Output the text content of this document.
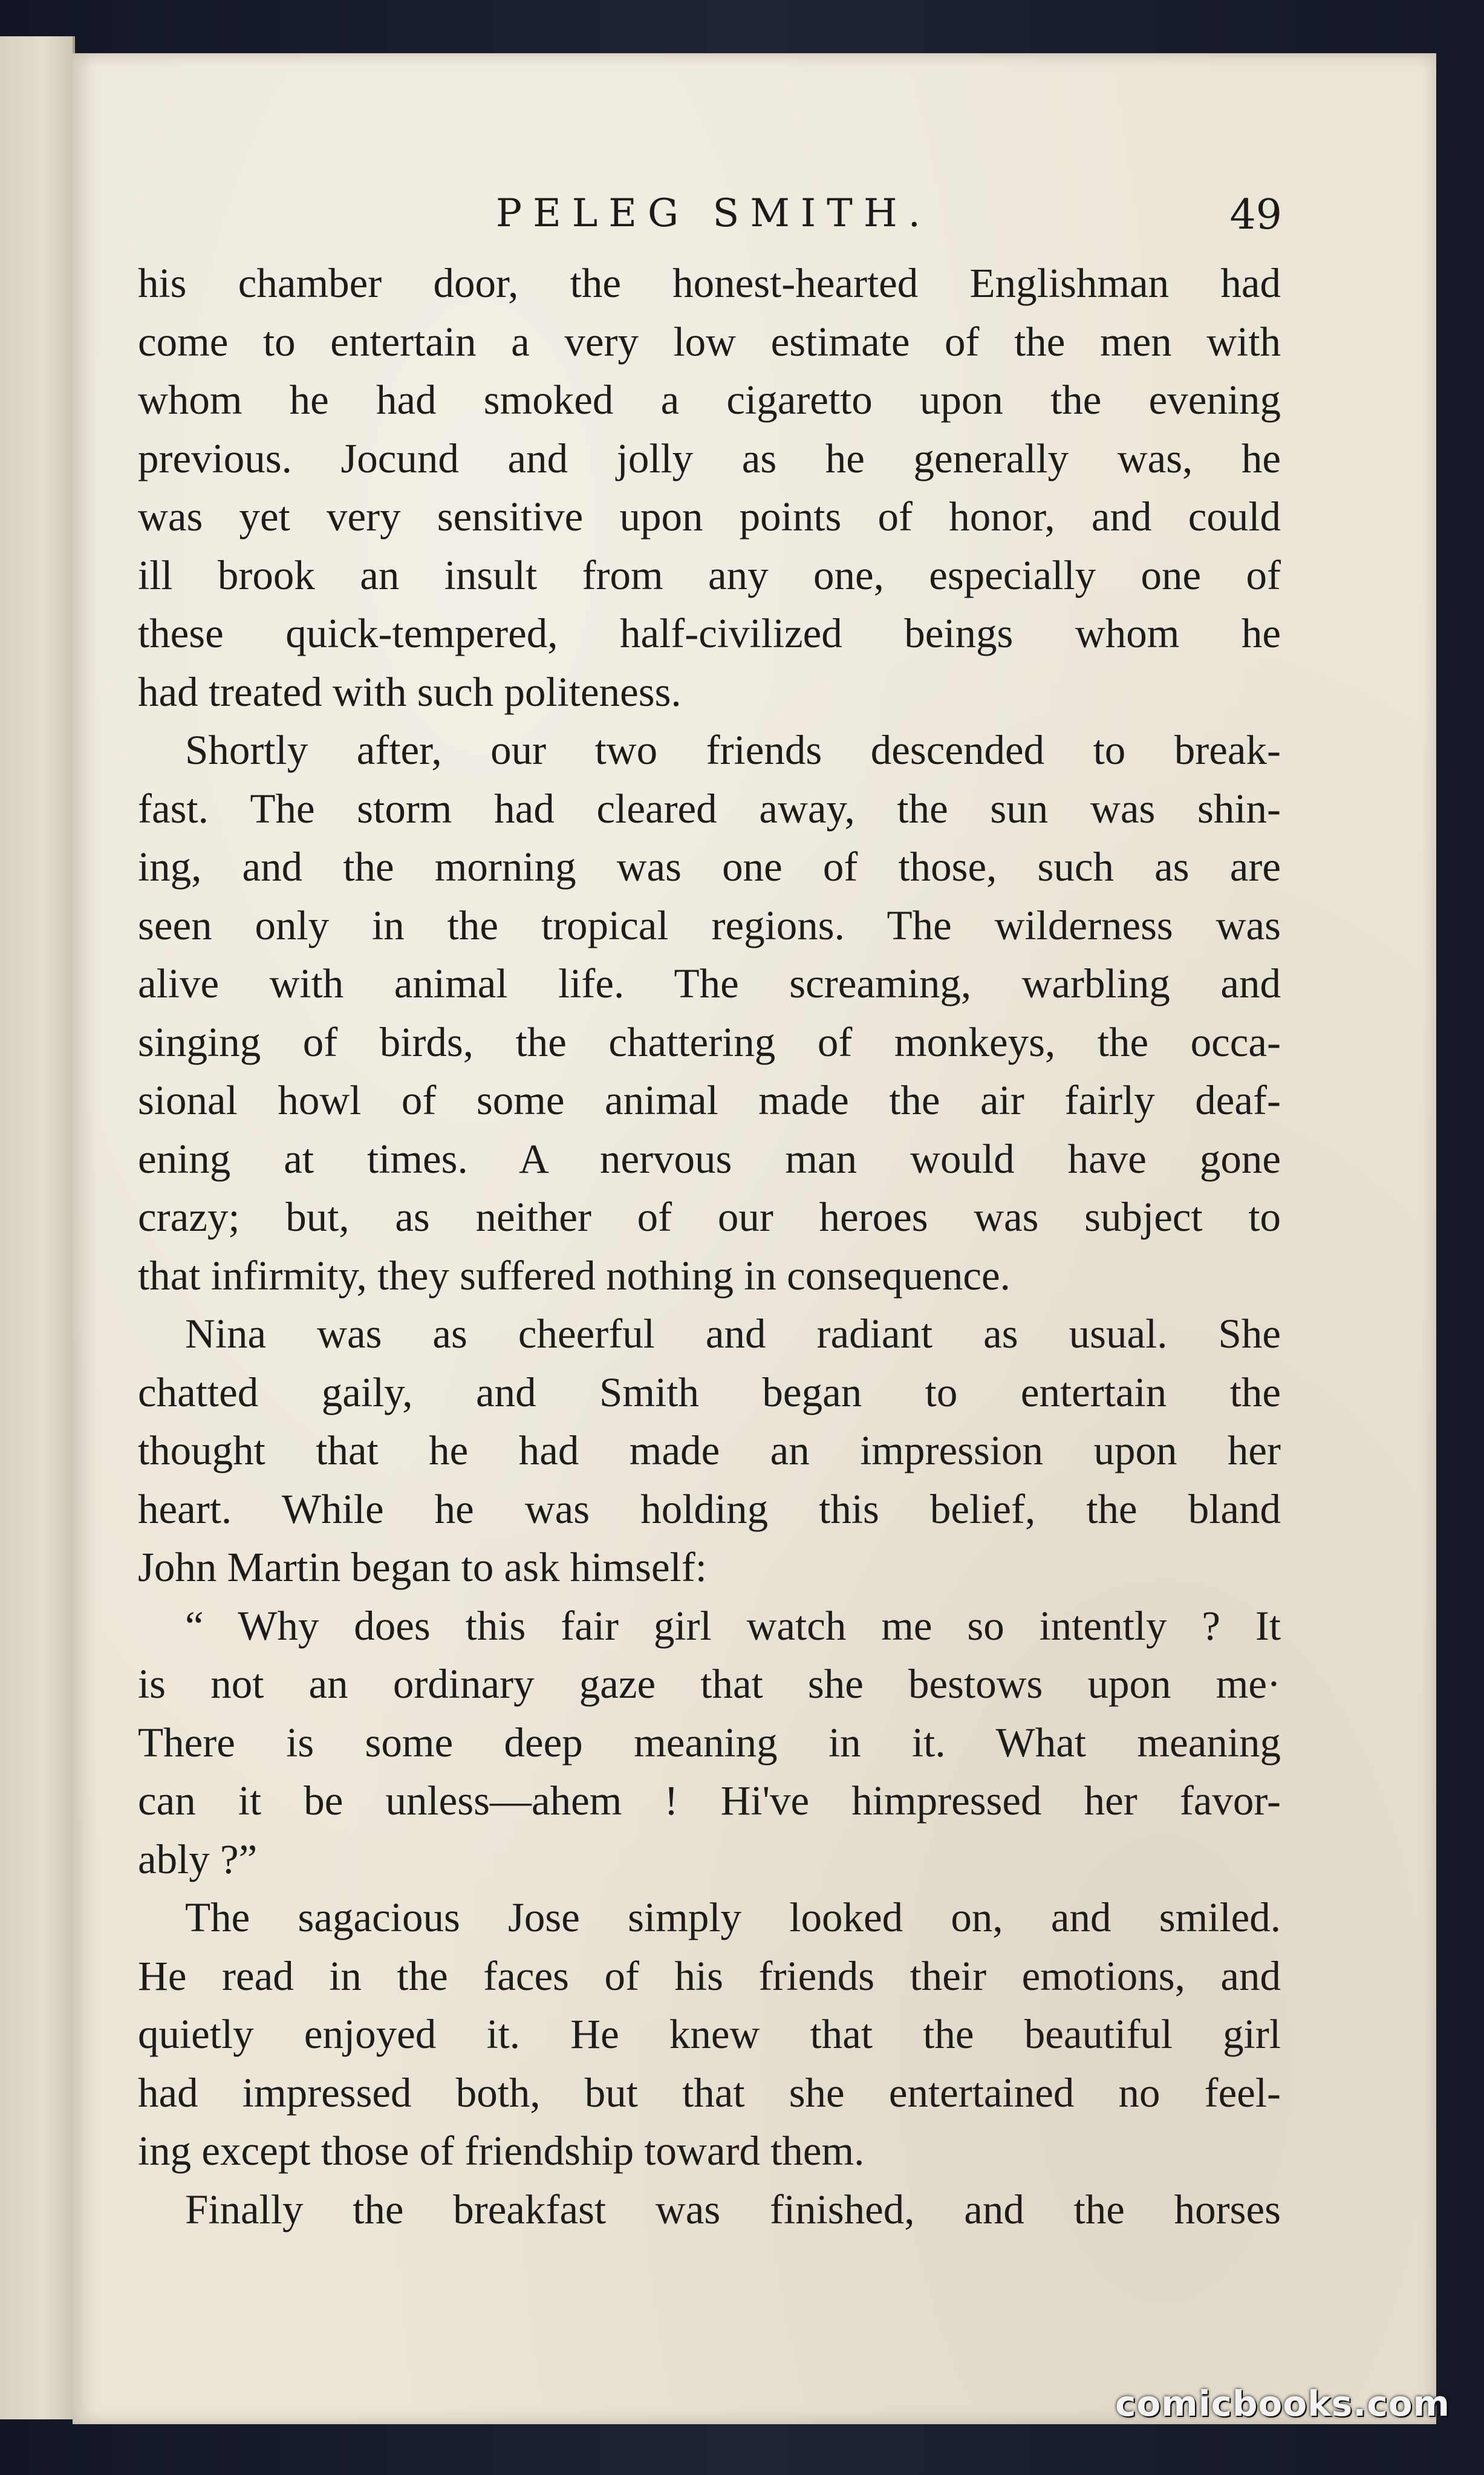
PELEG SMITH.	49
his chamber door, the honest-hearted Englishman had
come to entertain a very low estimate of the men with
whom he had smoked a cigaretto upon the evening
previous. Jocund and jolly as he generally was, he
was yet very sensitive upon points of honor, and could
ill brook an insult from any one, especially one of
these quick-tempered, half-civilized beings whom he
had treated with such politeness.
Shortly after, our two friends descended to break-
fast. The storm had cleared away, the sun was shin-
ing, and the morning was one of those, such as are
seen only in the tropical regions. The wilderness was
alive with animal life. The screaming, warbling and
singing of birds, the chattering of monkeys, the occa-
sional howl of some animal made the air fairly deaf-
ening at times. A nervous man would have gone
crazy; but, as neither of our heroes was subject to
that infirmity, they suffered nothing in consequence.
Nina was as cheerful and radiant as usual. She
chatted gaily, and Smith began to entertain the
thought that he had made an impression upon her
heart. While he was holding this belief, the bland
John Martin began to ask himself:
“ Why does this fair girl watch me so intently ? It
is not an ordinary gaze that she bestows upon me·
There is some deep meaning in it. What meaning
can it be unless—ahem ! Hi've himpressed her favor-
ably ?”
The sagacious Jose simply looked on, and smiled.
He read in the faces of his friends their emotions, and
quietly enjoyed it. He knew that the beautiful girl
had impressed both, but that she entertained no feel-
ing except those of friendship toward them.
Finally the breakfast was finished, and the horses
comicbooks.com
